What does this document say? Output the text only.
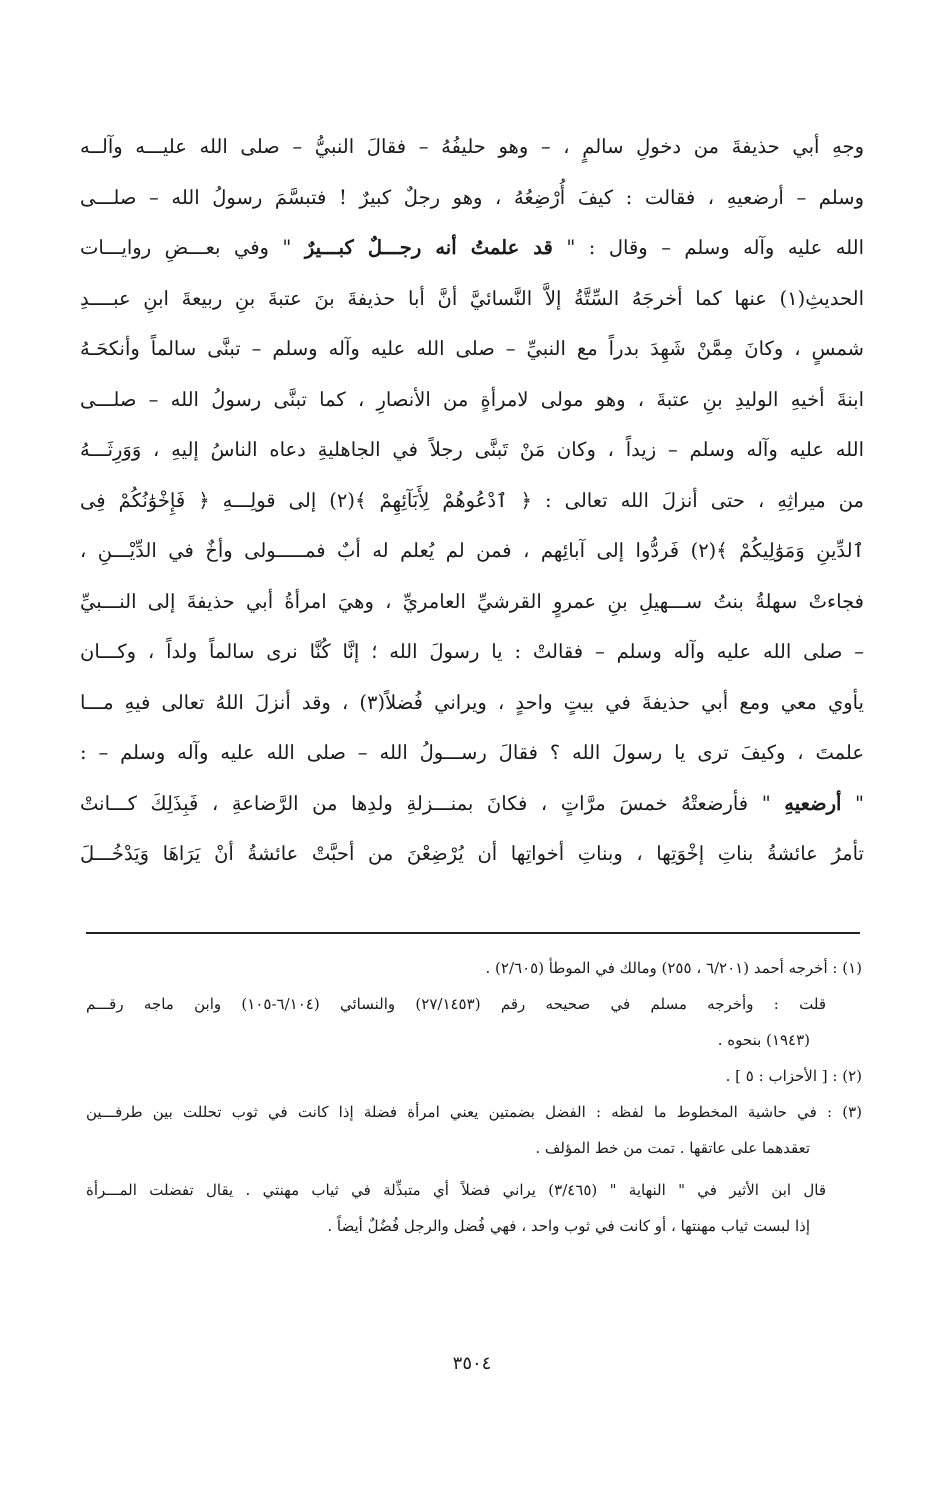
وجهِ أبي حذيفةَ من دخولِ سالمٍ ، – وهو حليفُهُ – فقالَ النبيُّ – صلى الله عليـــه وآلــه
وسلم – أرضعيهِ ، فقالت : كيفَ أُرْضِعُهُ ، وهو رجلٌ كبيرٌ ! فتبسَّمَ رسولُ الله – صلـــى
الله عليه وآله وسلم – وقال : " قد علمتُ أنه رجـــلٌ كبـــيرٌ " وفي بعـــضِ روايـــات
الحديثِ(١) عنها كما أخرجَهُ السِّتَّةُ إلاَّ النَّسائيَّ أنَّ أبا حذيفةَ بنَ عتبةَ بنِ ربيعةَ ابنِ عبــــدِ
شمسٍ ، وكانَ مِمَّنْ شَهِدَ بدراً مع النبيِّ – صلى الله عليه وآله وسلم – تبنَّى سالماً وأنكحَـهُ
ابنةَ أخيهِ الوليدِ بنِ عتبةَ ، وهو مولى لامرأةٍ من الأنصارِ ، كما تبنَّى رسولُ الله – صلـــى
الله عليه وآله وسلم – زيداً ، وكان مَنْ تَبنَّى رجلاً في الجاهليةِ دعاه الناسُ إليهِ ، وَوَرِثَـــهُ
من ميراثِهِ ، حتى أنزلَ الله تعالى : ﴿ ٱدْعُوهُمْ لِأَبَآئِهِمْ ﴾(٢) إلى قولِـــهِ ﴿ فَإِخْوَٰنُكُمْ فِى
ٱلدِّينِ وَمَوَٰلِيكُمْ ﴾(٢) فَردُّوا إلى آبائِهم ، فمن لم يُعلم له أبٌ فمـــــولى وأخٌ في الدِّيْـــنِ ،
فجاءتْ سهلةُ بنتُ ســـهيلِ بنِ عمروٍ القرشيِّ العامريِّ ، وهيَ امرأةُ أبي حذيفةَ إلى النـــبيِّ
– صلى الله عليه وآله وسلم – فقالتْ : يا رسولَ الله ؛ إنَّا كُنَّا نرى سالماً ولداً ، وكـــان
يأوي معي ومع أبي حذيفةَ في بيتٍ واحدٍ ، ويراني فُضلاً(٣) ، وقد أنزلَ اللهُ تعالى فيهِ مـــا
علمتَ ، وكيفَ ترى يا رسولَ الله ؟ فقالَ رســـولُ الله – صلى الله عليه وآله وسلم – :
" أرضعيهِ " فأرضعتْهُ خمسَ مرَّاتٍ ، فكانَ بمنـــزلةِ ولدِها من الرَّضاعةِ ، فَبِذَلِكَ كـــانتْ
تأمرُ عائشةُ بناتِ إخْوَتِها ، وبناتِ أخواتِها أن يُرْضِعْنَ من أحبَّتْ عائشةُ أنْ يَرَاهَا وَيَدْخُـــلَ
(١) : أخرجه أحمد (٦/٢٠١ ، ٢٥٥) ومالك في الموطأ (٢/٦٠٥) .
قلت : وأخرجه مسلم في صحيحه رقم (٢٧/١٤٥٣) والنسائي (٦/١٠٤-١٠٥) وابن ماجه رقـــم
(١٩٤٣) بنحوه .
(٢) : [ الأحزاب : ٥ ] .
(٣) : في حاشية المخطوط ما لفظه : الفضل بضمتين يعني امرأة فضلة إذا كانت في ثوب تحللت بين طرفـــين
تعقدهما على عاتقها . تمت من خط المؤلف .
قال ابن الأثير في " النهاية " (٣/٤٦٥) يراني فضلاً أي متبذِّلة في ثياب مهنتي . يقال تفضلت المـــرأة
إذا لبست ثياب مهنتها ، أو كانت في ثوب واحد ، فهي فُضل والرجل فُضُلٌ أيضاً .
٣٥٠٤
